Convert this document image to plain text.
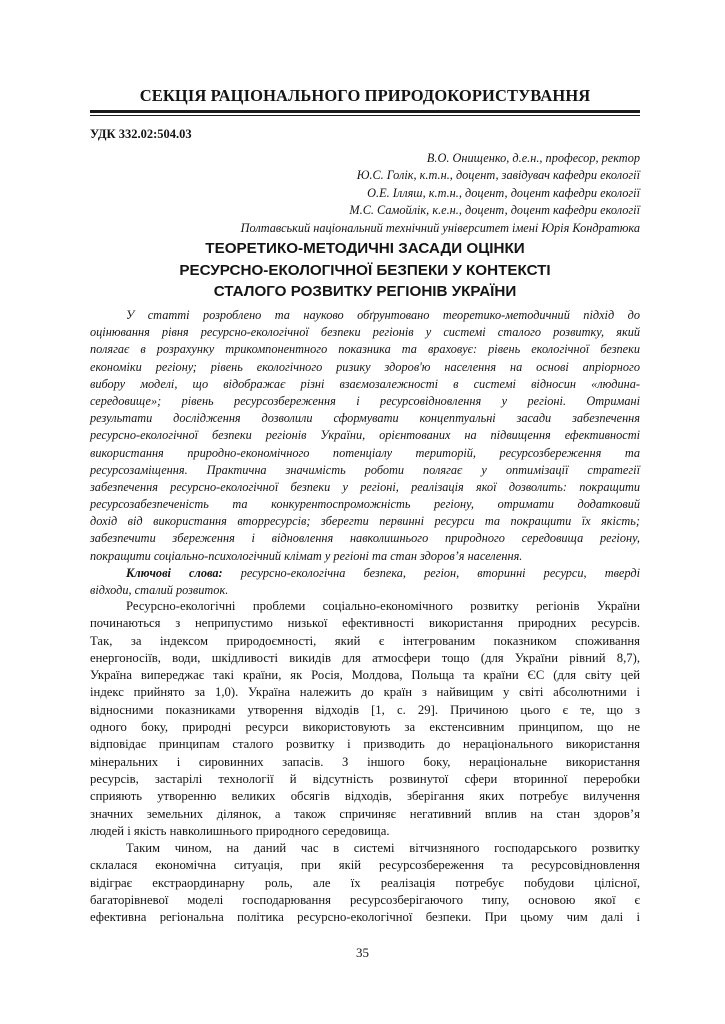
СЕКЦІЯ РАЦІОНАЛЬНОГО ПРИРОДОКОРИСТУВАННЯ
УДК 332.02:504.03
В.О. Онищенко, д.е.н., професор, ректор
Ю.С. Голік, к.т.н., доцент, завідувач кафедри екології
О.Е. Ілляш, к.т.н., доцент, доцент кафедри екології
М.С. Самойлік, к.е.н., доцент, доцент кафедри екології
Полтавський національний технічний університет імені Юрія Кондратюка
ТЕОРЕТИКО-МЕТОДИЧНІ ЗАСАДИ ОЦІНКИ
РЕСУРСНО-ЕКОЛОГІЧНОЇ БЕЗПЕКИ У КОНТЕКСТІ
СТАЛОГО РОЗВИТКУ РЕГІОНІВ УКРАЇНИ
У статті розроблено та науково обґрунтовано теоретико-методичний підхід до
оцінювання рівня ресурсно-екологічної безпеки регіонів у системі сталого розвитку, який
полягає в розрахунку трикомпонентного показника та враховує: рівень екологічної безпеки
економіки регіону; рівень екологічного ризику здоров'ю населення на основі апріорного
вибору моделі, що відображає різні взаємозалежності в системі відносин «людина-
середовище»; рівень ресурсозбереження і ресурсовідновлення у регіоні. Отримані
результати дослідження дозволили сформувати концептуальні засади забезпечення
ресурсно-екологічної безпеки регіонів України, орієнтованих на підвищення ефективності
використання природно-економічного потенціалу територій, ресурсозбереження та
ресурсозаміщення. Практична значимість роботи полягає у оптимізації стратегії
забезпечення ресурсно-екологічної безпеки у регіоні, реалізація якої дозволить: покращити
ресурсозабезпеченість та конкурентоспроможність регіону, отримати додатковий
дохід від використання вторресурсів; зберегти первинні ресурси та покращити їх якість;
забезпечити збереження і відновлення навколишнього природного середовища регіону,
покращити соціально-психологічний клімат у регіоні та стан здоров’я населення.
Ключові слова: ресурсно-екологічна безпека, регіон, вторинні ресурси, тверді
відходи, сталий розвиток.
Ресурсно-екологічні проблеми соціально-економічного розвитку регіонів України
починаються з неприпустимо низької ефективності використання природних ресурсів.
Так, за індексом природоємності, який є інтегрованим показником споживання
енергоносіїв, води, шкідливості викидів для атмосфери тощо (для України рівний 8,7),
Україна випереджає такі країни, як Росія, Молдова, Польща та країни ЄС (для світу цей
індекс прийнято за 1,0). Україна належить до країн з найвищим у світі абсолютними і
відносними показниками утворення відходів [1, с. 29]. Причиною цього є те, що з
одного боку, природні ресурси використовують за екстенсивним принципом, що не
відповідає принципам сталого розвитку і призводить до нераціонального використання
мінеральних і сировинних запасів. З іншого боку, нераціональне використання
ресурсів, застарілі технології й відсутність розвинутої сфери вторинної переробки
сприяють утворенню великих обсягів відходів, зберігання яких потребує вилучення
значних земельних ділянок, а також спричиняє негативний вплив на стан здоров’я
людей і якість навколишнього природного середовища.
Таким чином, на даний час в системі вітчизняного господарського розвитку
склалася економічна ситуація, при якій ресурсозбереження та ресурсовідновлення
відіграє екстраординарну роль, але їх реалізація потребує побудови цілісної,
багаторівневої моделі господарювання ресурсозберігаючого типу, основою якої є
ефективна регіональна політика ресурсно-екологічної безпеки. При цьому чим далі і
35
